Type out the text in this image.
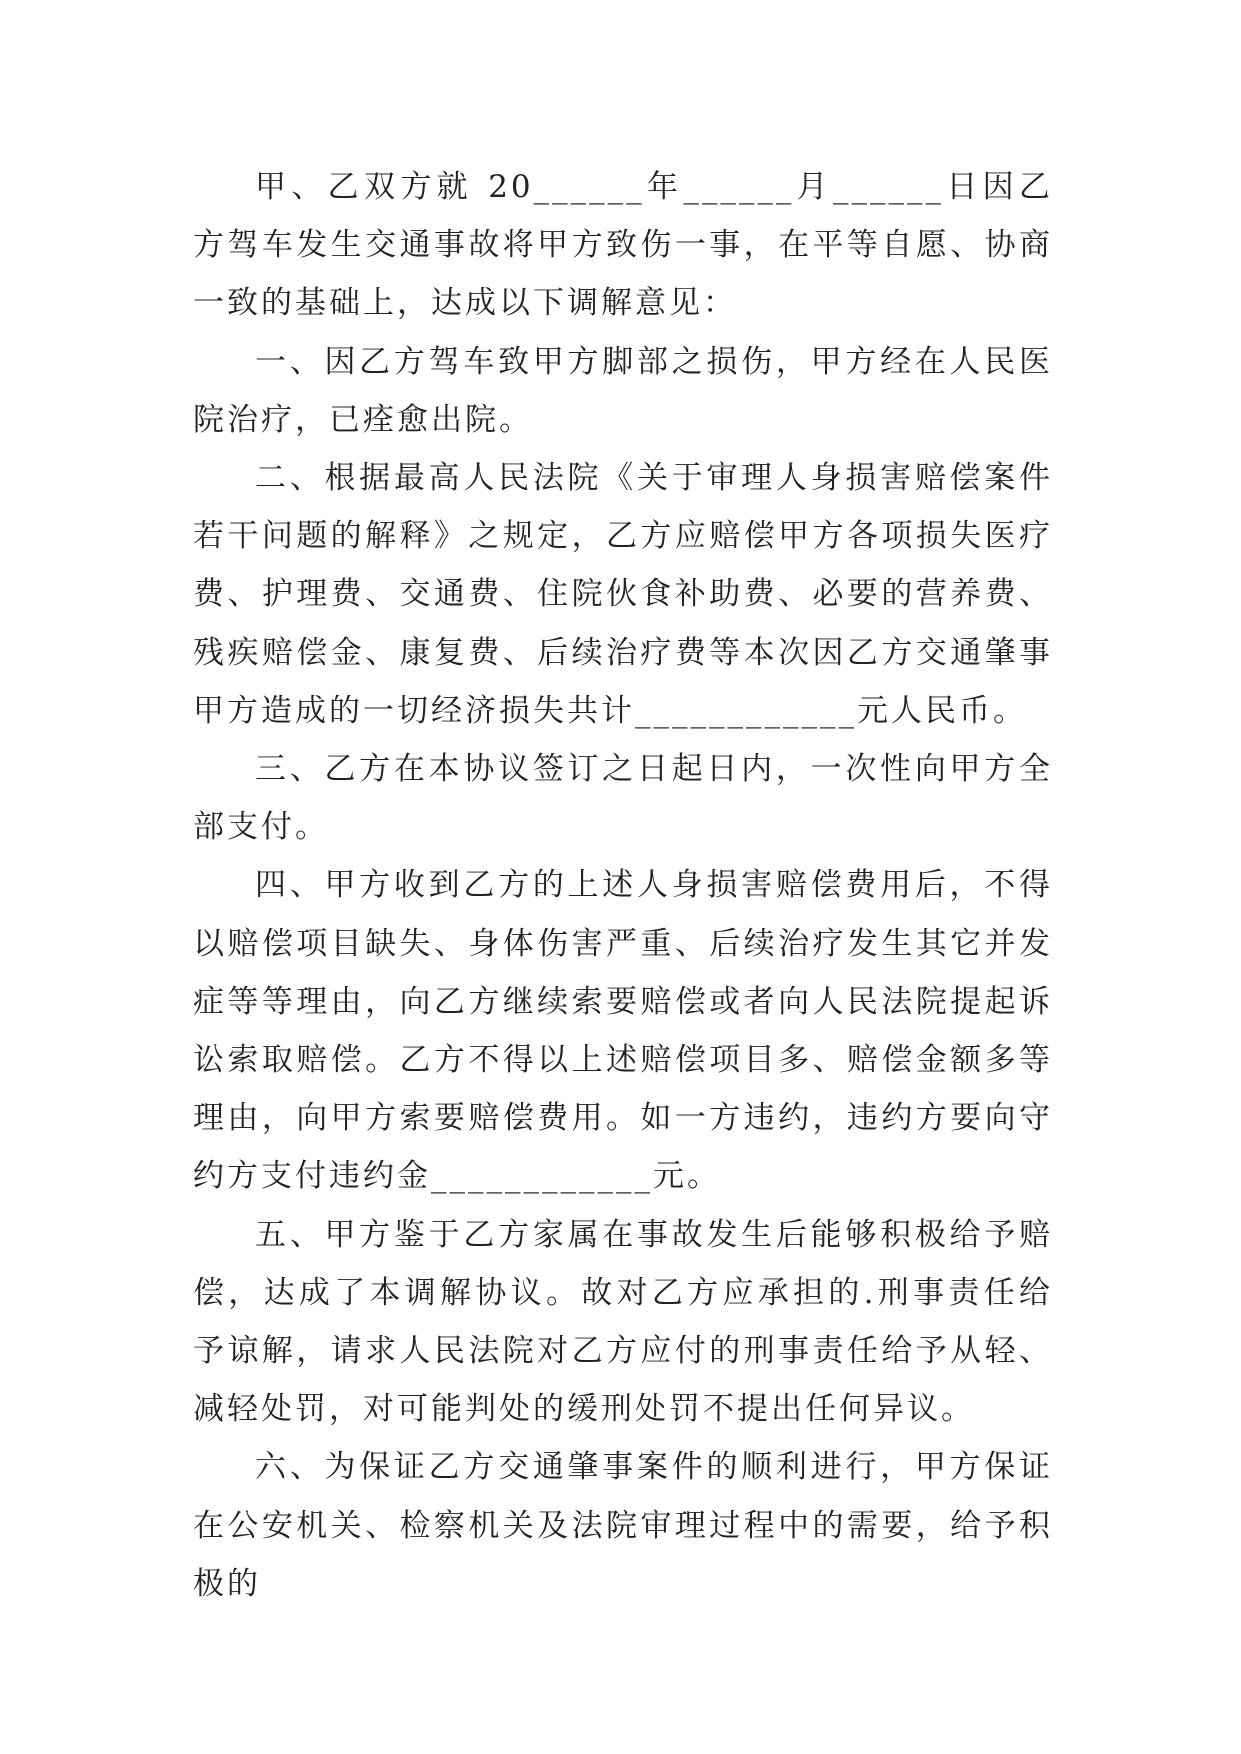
甲、乙双方就 20______年______月______日因乙方驾车发生交通事故将甲方致伤一事，在平等自愿、协商一致的基础上，达成以下调解意见：

一、因乙方驾车致甲方脚部之损伤，甲方经在人民医院治疗，已痊愈出院。

二、根据最高人民法院《关于审理人身损害赔偿案件若干问题的解释》之规定，乙方应赔偿甲方各项损失医疗费、护理费、交通费、住院伙食补助费、必要的营养费、残疾赔偿金、康复费、后续治疗费等本次因乙方交通肇事甲方造成的一切经济损失共计____________元人民币。

三、乙方在本协议签订之日起日内，一次性向甲方全部支付。

四、甲方收到乙方的上述人身损害赔偿费用后，不得以赔偿项目缺失、身体伤害严重、后续治疗发生其它并发症等等理由，向乙方继续索要赔偿或者向人民法院提起诉讼索取赔偿。乙方不得以上述赔偿项目多、赔偿金额多等理由，向甲方索要赔偿费用。如一方违约，违约方要向守约方支付违约金____________元。

五、甲方鉴于乙方家属在事故发生后能够积极给予赔偿，达成了本调解协议。故对乙方应承担的.刑事责任给予谅解，请求人民法院对乙方应付的刑事责任给予从轻、减轻处罚，对可能判处的缓刑处罚不提出任何异议。

六、为保证乙方交通肇事案件的顺利进行，甲方保证在公安机关、检察机关及法院审理过程中的需要，给予积极的
